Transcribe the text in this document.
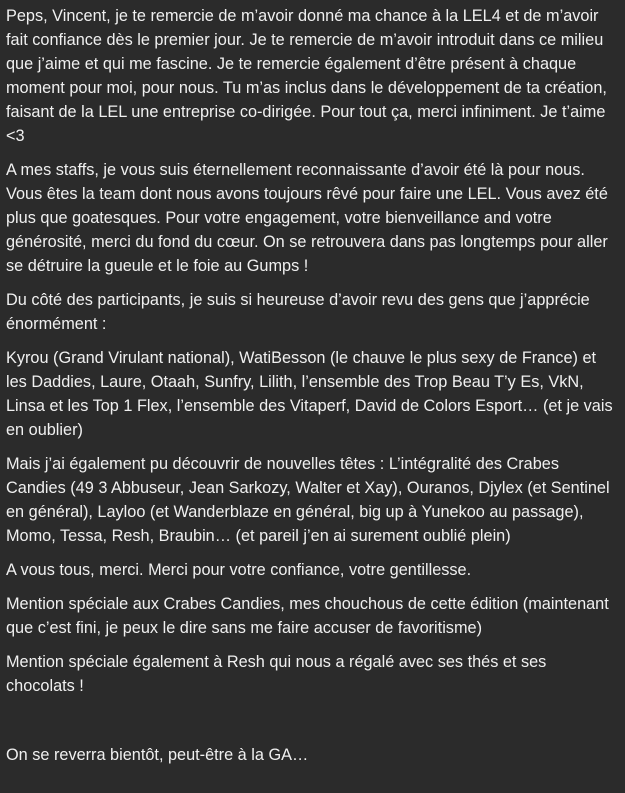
Peps, Vincent, je te remercie de m’avoir donné ma chance à la LEL4 et de m’avoir fait confiance dès le premier jour. Je te remercie de m’avoir introduit dans ce milieu que j’aime et qui me fascine. Je te remercie également d’être présent à chaque moment pour moi, pour nous. Tu m’as inclus dans le développement de ta création, faisant de la LEL une entreprise co-dirigée. Pour tout ça, merci infiniment. Je t’aime <3

A mes staffs, je vous suis éternellement reconnaissante d’avoir été là pour nous. Vous êtes la team dont nous avons toujours rêvé pour faire une LEL. Vous avez été plus que goatesques. Pour votre engagement, votre bienveillance and votre générosité, merci du fond du cœur. On se retrouvera dans pas longtemps pour aller se détruire la gueule et le foie au Gumps !

Du côté des participants, je suis si heureuse d’avoir revu des gens que j’apprécie énormément :

Kyrou (Grand Virulant national), WatiBesson (le chauve le plus sexy de France) et les Daddies, Laure, Otaah, Sunfry, Lilith, l’ensemble des Trop Beau T’y Es, VkN, Linsa et les Top 1 Flex, l’ensemble des Vitaperf, David de Colors Esport… (et je vais en oublier)

Mais j’ai également pu découvrir de nouvelles têtes : L’intégralité des Crabes Candies (49 3 Abbuseur, Jean Sarkozy, Walter et Xay), Ouranos, Djylex (et Sentinel en général), Layloo (et Wanderblaze en général, big up à Yunekoo au passage), Momo, Tessa, Resh, Braubin… (et pareil j’en ai surement oublié plein)

A vous tous, merci. Merci pour votre confiance, votre gentillesse.

Mention spéciale aux Crabes Candies, mes chouchous de cette édition (maintenant que c’est fini, je peux le dire sans me faire accuser de favoritisme)

Mention spéciale également à Resh qui nous a régalé avec ses thés et ses chocolats !

On se reverra bientôt, peut-être à la GA…
